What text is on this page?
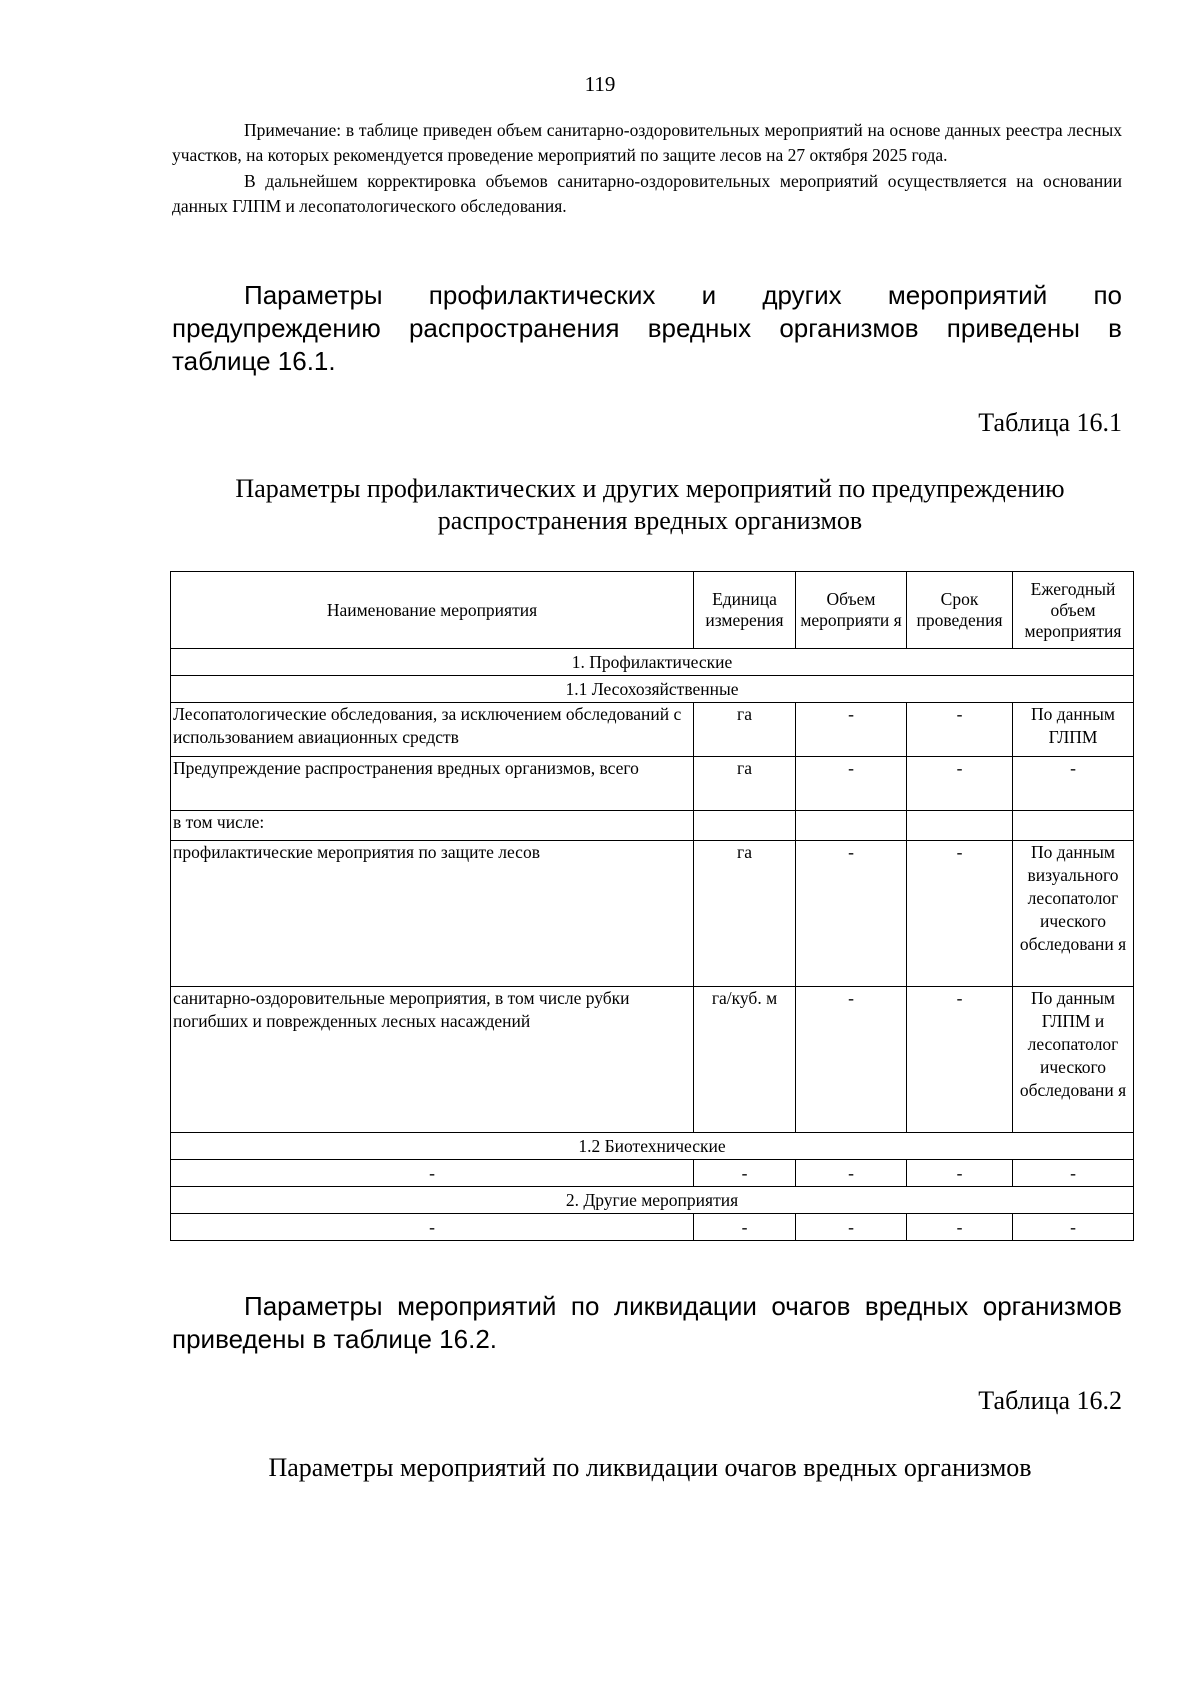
119

Примечание: в таблице приведен объем санитарно-оздоровительных мероприятий на основе данных реестра лесных участков, на которых рекомендуется проведение мероприятий по защите лесов на 27 октября 2025 года.

В дальнейшем корректировка объемов санитарно-оздоровительных мероприятий осуществляется на основании данных ГЛПМ и лесопатологического обследования.

Параметры профилактических и других мероприятий по

предупреждению распространения вредных организмов приведены в таблице 16.1.
Таблица 16.1
Параметры профилактических и других мероприятий по предупреждению
распространения вредных организмов
Наименование мероприятия	Единица измерения	Объем мероприяти я	Срок проведения	Ежегодный объем мероприятия
1. Профилактические				
1.1 Лесохозяйственные				
Лесопатологические обследования, за исключением обследований с использованием авиационных средств	га	-	-	По данным ГЛПМ
Предупреждение распространения вредных организмов, всего	га	-	-	-
в том числе:				
профилактические мероприятия по защите лесов	га	-	-	По данным визуального лесопатолог ического обследовани я
санитарно-оздоровительные мероприятия, в том числе рубки погибших и поврежденных лесных насаждений	га/куб. м	-	-	По данным ГЛПМ и лесопатолог ического обследовани я
1.2 Биотехнические				
-	-	-	-	-
2. Другие мероприятия				
-	-	-	-	-

Параметры мероприятий по ликвидации очагов вредных организмов

приведены в таблице 16.2.
Таблица 16.2
Параметры мероприятий по ликвидации очагов вредных организмов
